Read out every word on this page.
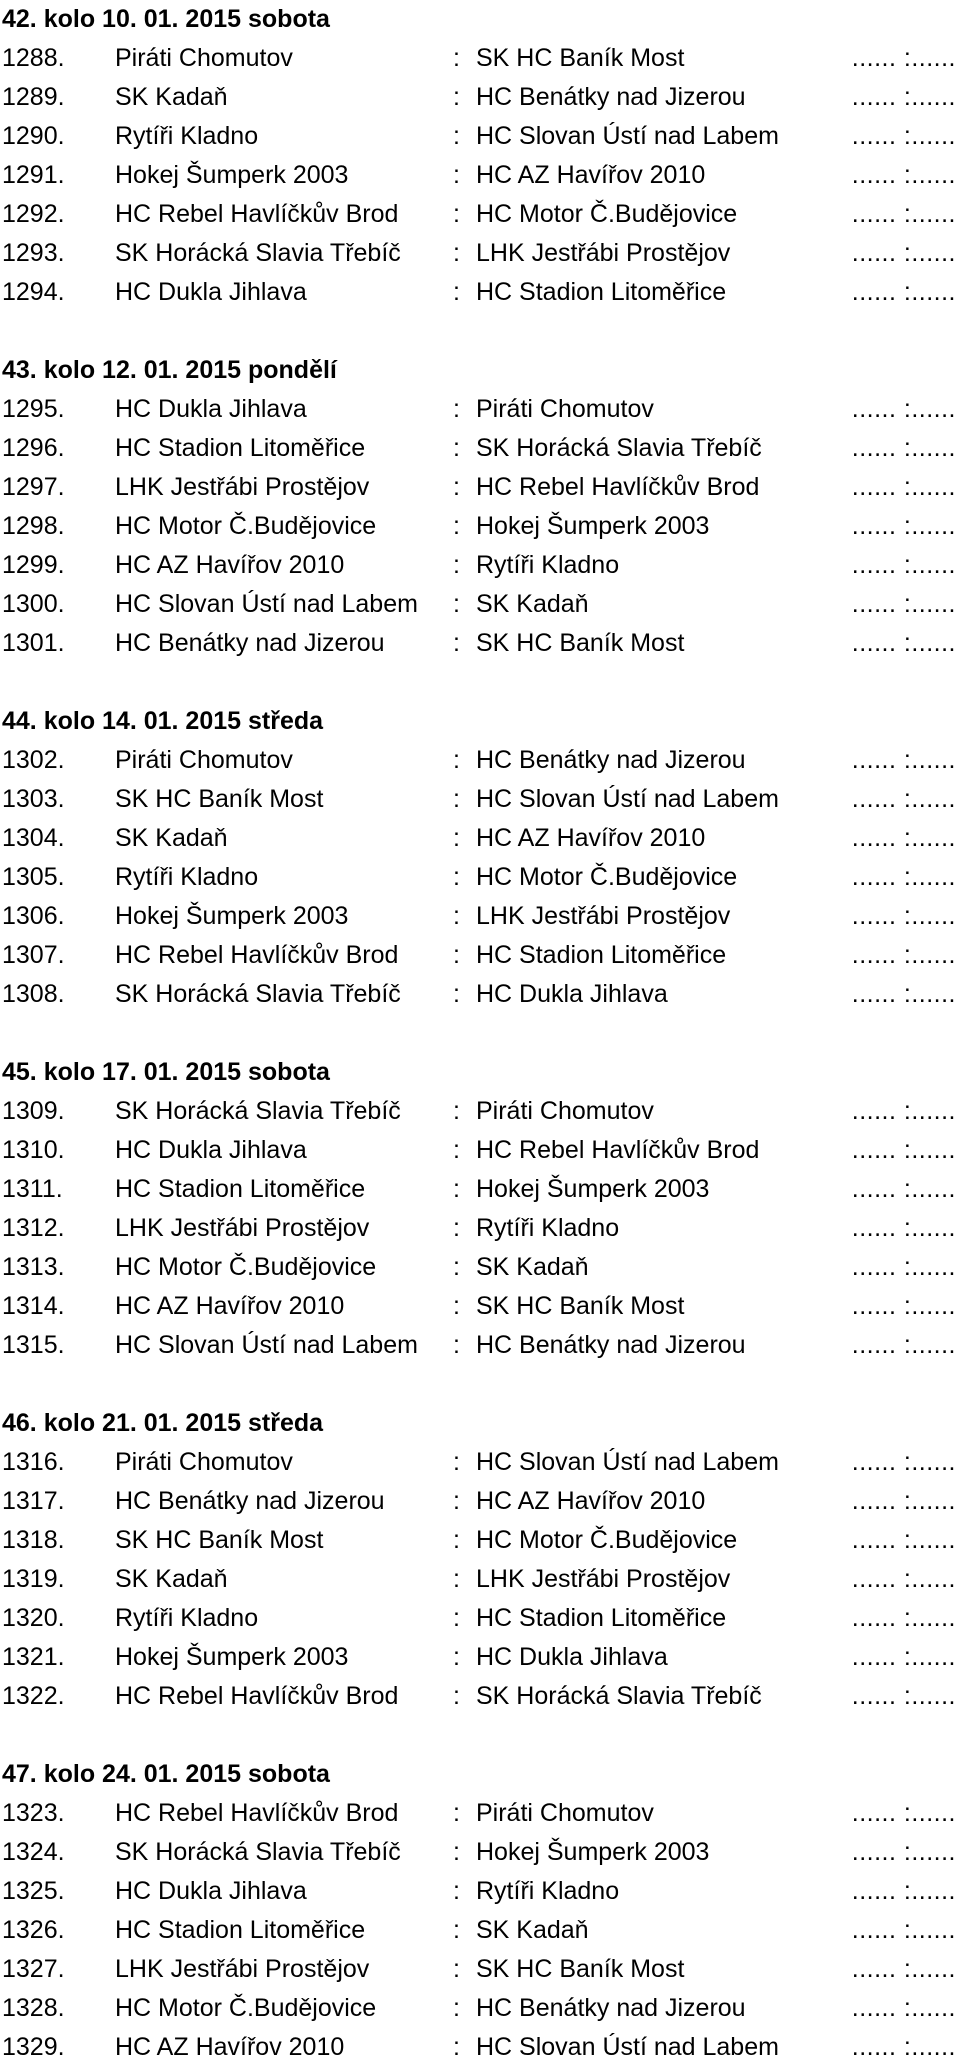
42. kolo 10. 01. 2015 sobota
1288.	Piráti Chomutov	: SK HC Baník Most	...... :......
1289.	SK Kadaň	: HC Benátky nad Jizerou	...... :......
1290.	Rytíři Kladno	: HC Slovan Ústí nad Labem	...... :......
1291.	Hokej Šumperk 2003	: HC AZ Havířov 2010	...... :......
1292.	HC Rebel Havlíčkův Brod	: HC Motor Č.Budějovice	...... :......
1293.	SK Horácká Slavia Třebíč	: LHK Jestřábi Prostějov	...... :......
1294.	HC Dukla Jihlava	: HC Stadion Litoměřice	...... :......
43. kolo 12. 01. 2015 pondělí
1295.	HC Dukla Jihlava	: Piráti Chomutov	...... :......
1296.	HC Stadion Litoměřice	: SK Horácká Slavia Třebíč	...... :......
1297.	LHK Jestřábi Prostějov	: HC Rebel Havlíčkův Brod	...... :......
1298.	HC Motor Č.Budějovice	: Hokej Šumperk 2003	...... :......
1299.	HC AZ Havířov 2010	: Rytíři Kladno	...... :......
1300.	HC Slovan Ústí nad Labem	: SK Kadaň	...... :......
1301.	HC Benátky nad Jizerou	: SK HC Baník Most	...... :......
44. kolo 14. 01. 2015 středa
1302.	Piráti Chomutov	: HC Benátky nad Jizerou	...... :......
1303.	SK HC Baník Most	: HC Slovan Ústí nad Labem	...... :......
1304.	SK Kadaň	: HC AZ Havířov 2010	...... :......
1305.	Rytíři Kladno	: HC Motor Č.Budějovice	...... :......
1306.	Hokej Šumperk 2003	: LHK Jestřábi Prostějov	...... :......
1307.	HC Rebel Havlíčkův Brod	: HC Stadion Litoměřice	...... :......
1308.	SK Horácká Slavia Třebíč	: HC Dukla Jihlava	...... :......
45. kolo 17. 01. 2015 sobota
1309.	SK Horácká Slavia Třebíč	: Piráti Chomutov	...... :......
1310.	HC Dukla Jihlava	: HC Rebel Havlíčkův Brod	...... :......
1311.	HC Stadion Litoměřice	: Hokej Šumperk 2003	...... :......
1312.	LHK Jestřábi Prostějov	: Rytíři Kladno	...... :......
1313.	HC Motor Č.Budějovice	: SK Kadaň	...... :......
1314.	HC AZ Havířov 2010	: SK HC Baník Most	...... :......
1315.	HC Slovan Ústí nad Labem	: HC Benátky nad Jizerou	...... :......
46. kolo 21. 01. 2015 středa
1316.	Piráti Chomutov	: HC Slovan Ústí nad Labem	...... :......
1317.	HC Benátky nad Jizerou	: HC AZ Havířov 2010	...... :......
1318.	SK HC Baník Most	: HC Motor Č.Budějovice	...... :......
1319.	SK Kadaň	: LHK Jestřábi Prostějov	...... :......
1320.	Rytíři Kladno	: HC Stadion Litoměřice	...... :......
1321.	Hokej Šumperk 2003	: HC Dukla Jihlava	...... :......
1322.	HC Rebel Havlíčkův Brod	: SK Horácká Slavia Třebíč	...... :......
47. kolo 24. 01. 2015 sobota
1323.	HC Rebel Havlíčkův Brod	: Piráti Chomutov	...... :......
1324.	SK Horácká Slavia Třebíč	: Hokej Šumperk 2003	...... :......
1325.	HC Dukla Jihlava	: Rytíři Kladno	...... :......
1326.	HC Stadion Litoměřice	: SK Kadaň	...... :......
1327.	LHK Jestřábi Prostějov	: SK HC Baník Most	...... :......
1328.	HC Motor Č.Budějovice	: HC Benátky nad Jizerou	...... :......
1329.	HC AZ Havířov 2010	: HC Slovan Ústí nad Labem	...... :......
